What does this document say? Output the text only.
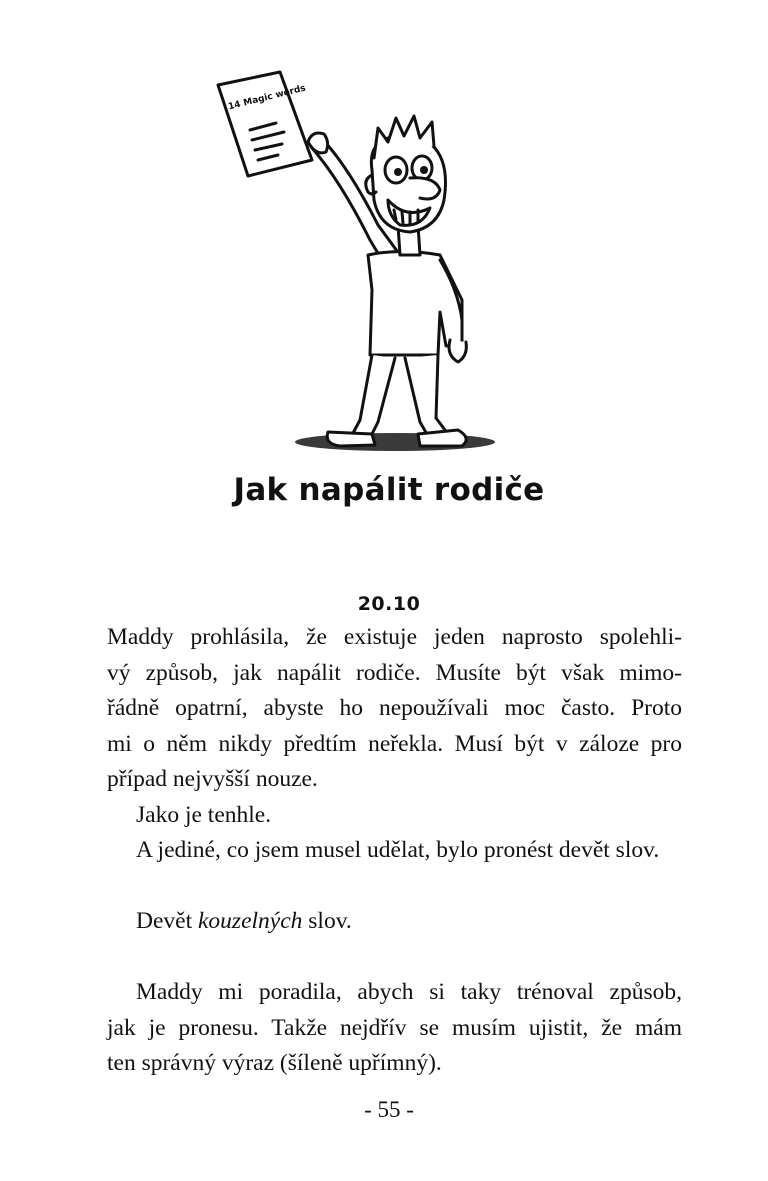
14 Magic words
Jak napálit rodiče
20.10
Maddy prohlásila, že existuje jeden naprosto spolehli-
vý způsob, jak napálit rodiče. Musíte být však mimo-
řádně opatrní, abyste ho nepoužívali moc často. Proto
mi o něm nikdy předtím neřekla. Musí být v záloze pro
případ nejvyšší nouze.
Jako je tenhle.
A jediné, co jsem musel udělat, bylo pronést devět slov.
Devět kouzelných slov.
Maddy mi poradila, abych si taky trénoval způsob,
jak je pronesu. Takže nejdřív se musím ujistit, že mám
ten správný výraz (šíleně upřímný).
- 55 -
